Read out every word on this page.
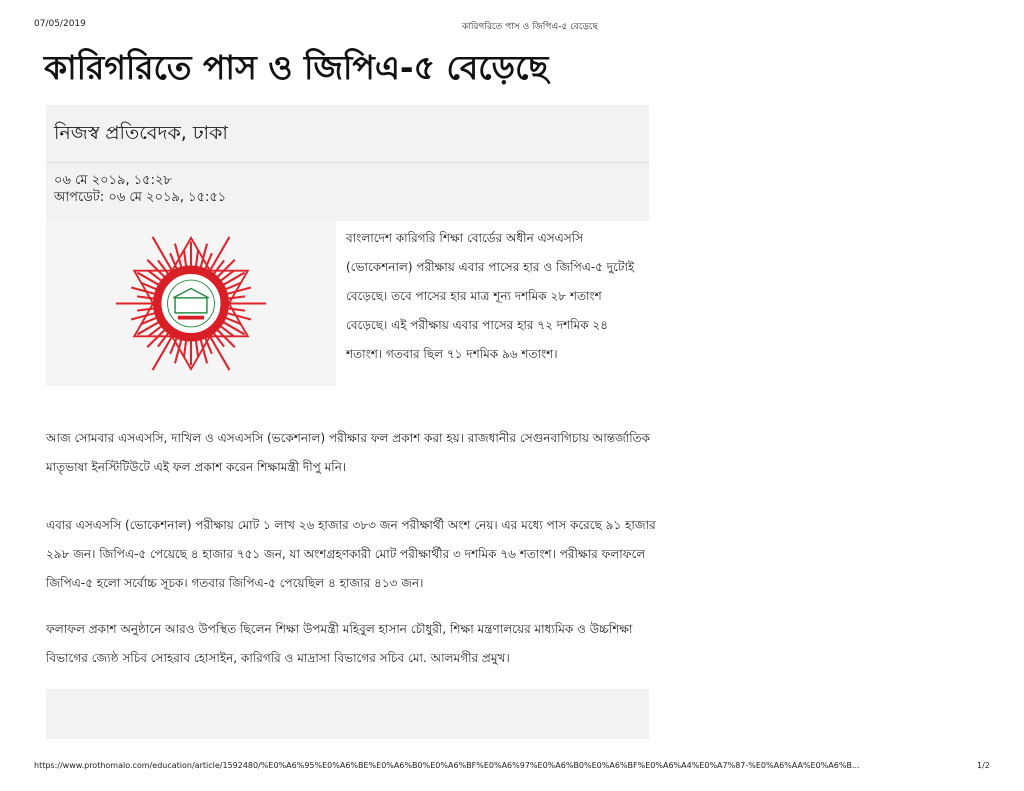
07/05/2019	কারিগরিতে পাস ও জিপিএ-৫ বেড়েছে
কারিগরিতে পাস ও জিপিএ-৫ বেড়েছে
নিজস্ব প্রতিবেদক, ঢাকা
০৬ মে ২০১৯, ১৫:২৮
আপডেট: ০৬ মে ২০১৯, ১৫:৫১
বাংলাদেশ কারিগরি শিক্ষা বোর্ডের অধীন এসএসসি (ভোকেশনাল) পরীক্ষায় এবার পাসের হার ও জিপিএ-৫ দুটোই বেড়েছে। তবে পাসের হার মাত্র শূন্য দশমিক ২৮ শতাংশ বেড়েছে। এই পরীক্ষায় এবার পাসের হার ৭২ দশমিক ২৪ শতাংশ। গতবার ছিল ৭১ দশমিক ৯৬ শতাংশ।
আজ সোমবার এসএসসি, দাখিল ও এসএসসি (ভকেশনাল) পরীক্ষার ফল প্রকাশ করা হয়। রাজধানীর সেগুনবাগিচায় আন্তর্জাতিক মাতৃভাষা ইনস্টিটিউটে এই ফল প্রকাশ করেন শিক্ষামন্ত্রী দীপু মনি।
এবার এসএসসি (ভোকেশনাল) পরীক্ষায় মোট ১ লাখ ২৬ হাজার ৩৮৩ জন পরীক্ষার্থী অংশ নেয়। এর মধ্যে পাস করেছে ৯১ হাজার ২৯৮ জন। জিপিএ-৫ পেয়েছে ৪ হাজার ৭৫১ জন, যা অংশগ্রহণকারী মোট পরীক্ষার্থীর ৩ দশমিক ৭৬ শতাংশ। পরীক্ষার ফলাফলে জিপিএ-৫ হলো সর্বোচ্চ সূচক। গতবার জিপিএ-৫ পেয়েছিল ৪ হাজার ৪১৩ জন।
ফলাফল প্রকাশ অনুষ্ঠানে আরও উপস্থিত ছিলেন শিক্ষা উপমন্ত্রী মহিবুল হাসান চৌধুরী, শিক্ষা মন্ত্রণালয়ের মাধ্যমিক ও উচ্চশিক্ষা বিভাগের জ্যেষ্ঠ সচিব সোহরাব হোসাইন, কারিগরি ও মাদ্রাসা বিভাগের সচিব মো. আলমগীর প্রমুখ।
https://www.prothomalo.com/education/article/1592480/%E0%A6%95%E0%A6%BE%E0%A6%B0%E0%A6%BF%E0%A6%97%E0%A6%B0%E0%A6%BF%E0%A6%A4%E0%A7%87-%E0%A6%AA%E0%A6%B...	1/2
